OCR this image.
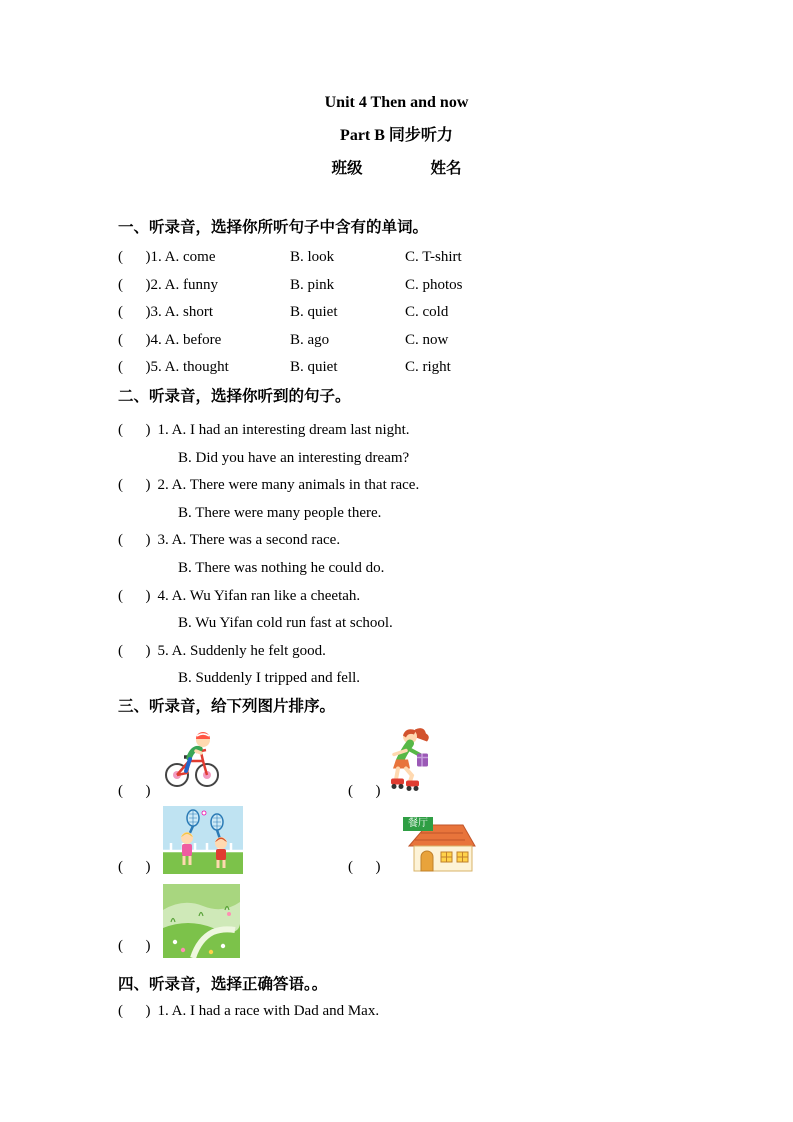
Unit 4 Then and now
Part B 同步听力
班级	姓名
一、听录音，选择你所听句子中含有的单词。
(      )1. A. come	B. look	C. T-shirt
(      )2. A. funny	B. pink	C. photos
(      )3. A. short	B. quiet	C. cold
(      )4. A. before	B. ago	C. now
(      )5. A. thought	B. quiet	C. right
二、听录音，选择你听到的句子。
(      ) 1. A. I had an interesting dream last night.
B. Did you have an interesting dream?
(      ) 2. A. There were many animals in that race.
B. There were many people there.
(      ) 3. A. There was a second race.
B. There was nothing he could do.
(      ) 4. A. Wu Yifan ran like a cheetah.
B. Wu Yifan cold run fast at school.
(      ) 5. A. Suddenly he felt good.
B. Suddenly I tripped and fell.
三、听录音，给下列图片排序。
(      )	(      )
餐厅
(      )	(      )
(      )
四、听录音，选择正确答语。。
(      ) 1. A. I had a race with Dad and Max.
